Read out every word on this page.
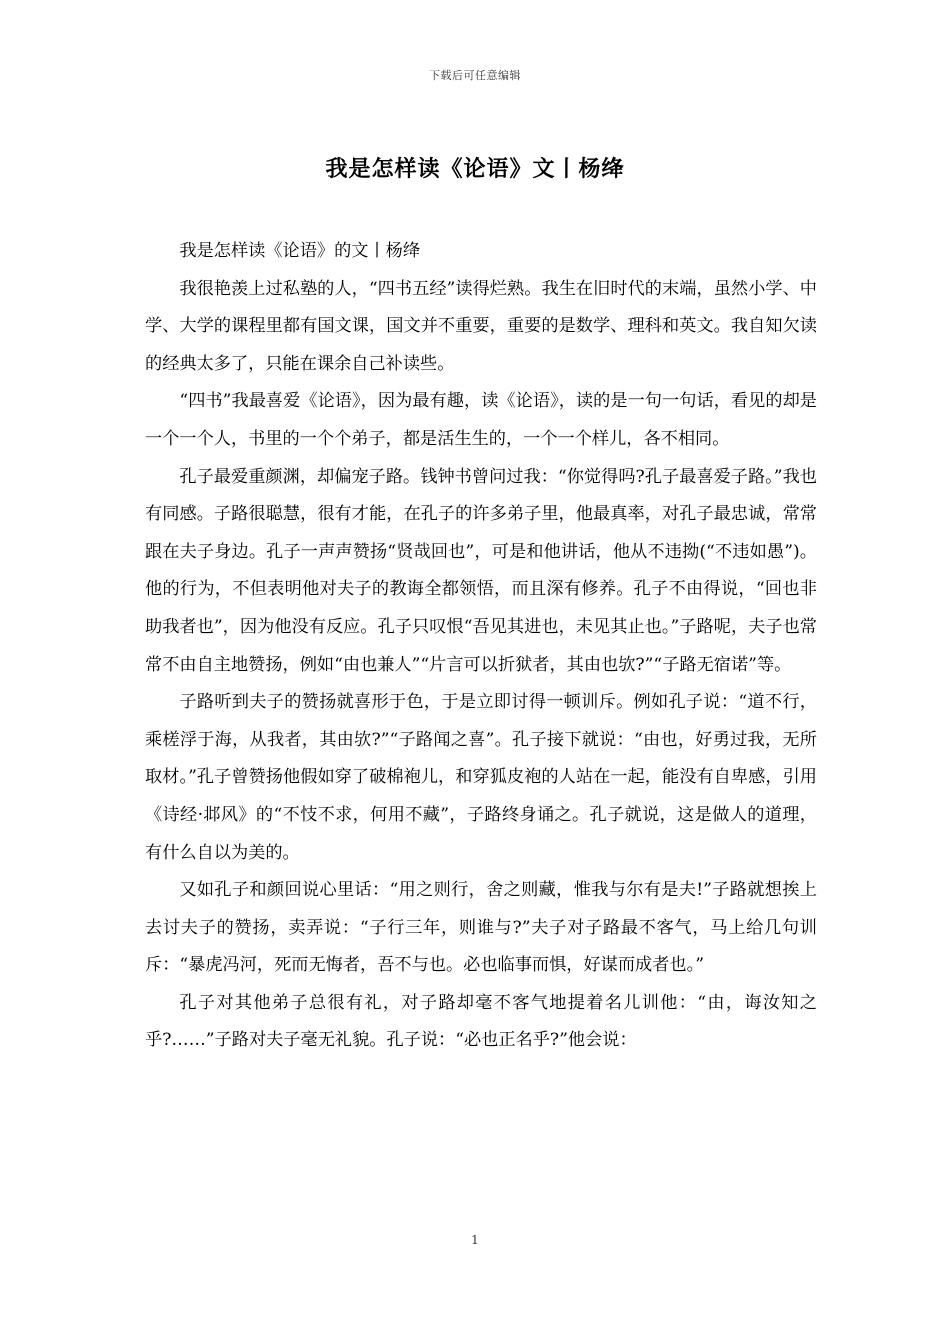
下载后可任意编辑
我是怎样读《论语》文丨杨绛

我是怎样读《论语》的文丨杨绛

我很艳羡上过私塾的人，“四书五经”读得烂熟。我生在旧时代的末端，虽然小学、中学、大学的课程里都有国文课，国文并不重要，重要的是数学、理科和英文。我自知欠读的经典太多了，只能在课余自己补读些。

“四书”我最喜爱《论语》，因为最有趣，读《论语》，读的是一句一句话，看见的却是一个一个人，书里的一个个弟子，都是活生生的，一个一个样儿，各不相同。

孔子最爱重颜渊，却偏宠子路。钱钟书曾问过我：“你觉得吗?孔子最喜爱子路。”我也有同感。子路很聪慧，很有才能，在孔子的许多弟子里，他最真率，对孔子最忠诚，常常跟在夫子身边。孔子一声声赞扬“贤哉回也”，可是和他讲话，他从不违拗(“不违如愚”)。他的行为，不但表明他对夫子的教诲全都领悟，而且深有修养。孔子不由得说，“回也非助我者也”，因为他没有反应。孔子只叹恨“吾见其进也，未见其止也。”子路呢，夫子也常常不由自主地赞扬，例如“由也兼人”“片言可以折狱者，其由也欤?”“子路无宿诺”等。

子路听到夫子的赞扬就喜形于色，于是立即讨得一顿训斥。例如孔子说：“道不行，乘槎浮于海，从我者，其由欤?”“子路闻之喜”。孔子接下就说：“由也，好勇过我，无所取材。”孔子曾赞扬他假如穿了破棉袍儿，和穿狐皮袍的人站在一起，能没有自卑感，引用《诗经·邶风》的“不忮不求，何用不藏”，子路终身诵之。孔子就说，这是做人的道理，有什么自以为美的。

又如孔子和颜回说心里话：“用之则行，舍之则藏，惟我与尔有是夫!”子路就想挨上去讨夫子的赞扬，卖弄说：“子行三年，则谁与?”夫子对子路最不客气，马上给几句训斥：“暴虎冯河，死而无悔者，吾不与也。必也临事而惧，好谋而成者也。”

孔子对其他弟子总很有礼，对子路却毫不客气地提着名儿训他：“由，诲汝知之乎?……”子路对夫子毫无礼貌。孔子说：“必也正名乎?”他会说：

1
